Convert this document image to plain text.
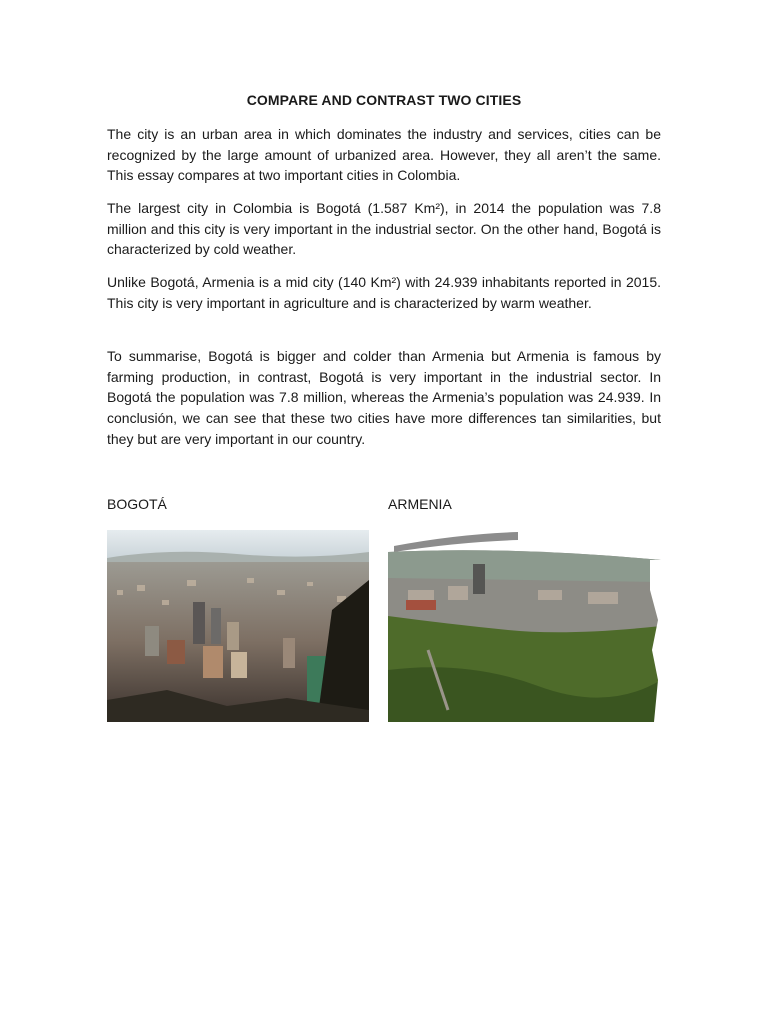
COMPARE AND CONTRAST TWO CITIES

The city is an urban area in which dominates the industry and services, cities can be recognized by the large amount of urbanized area. However, they all aren’t the same. This essay compares at two important cities in Colombia.

The largest city in Colombia is Bogotá (1.587 Km²), in 2014 the population was 7.8 million and this city is very important in the industrial sector. On the other hand, Bogotá is characterized by cold weather.

Unlike Bogotá, Armenia is a mid city (140 Km²) with 24.939 inhabitants reported in 2015. This city is very important in agriculture and is characterized by warm weather.

To summarise, Bogotá is bigger and colder than Armenia but Armenia is famous by farming production, in contrast, Bogotá is very important in the industrial sector. In Bogotá the population was 7.8 million, whereas the Armenia’s population was 24.939. In conclusión, we can see that these two cities have more differences tan similarities, but they but are very important in our country.

BOGOTÁ	ARMENIA
